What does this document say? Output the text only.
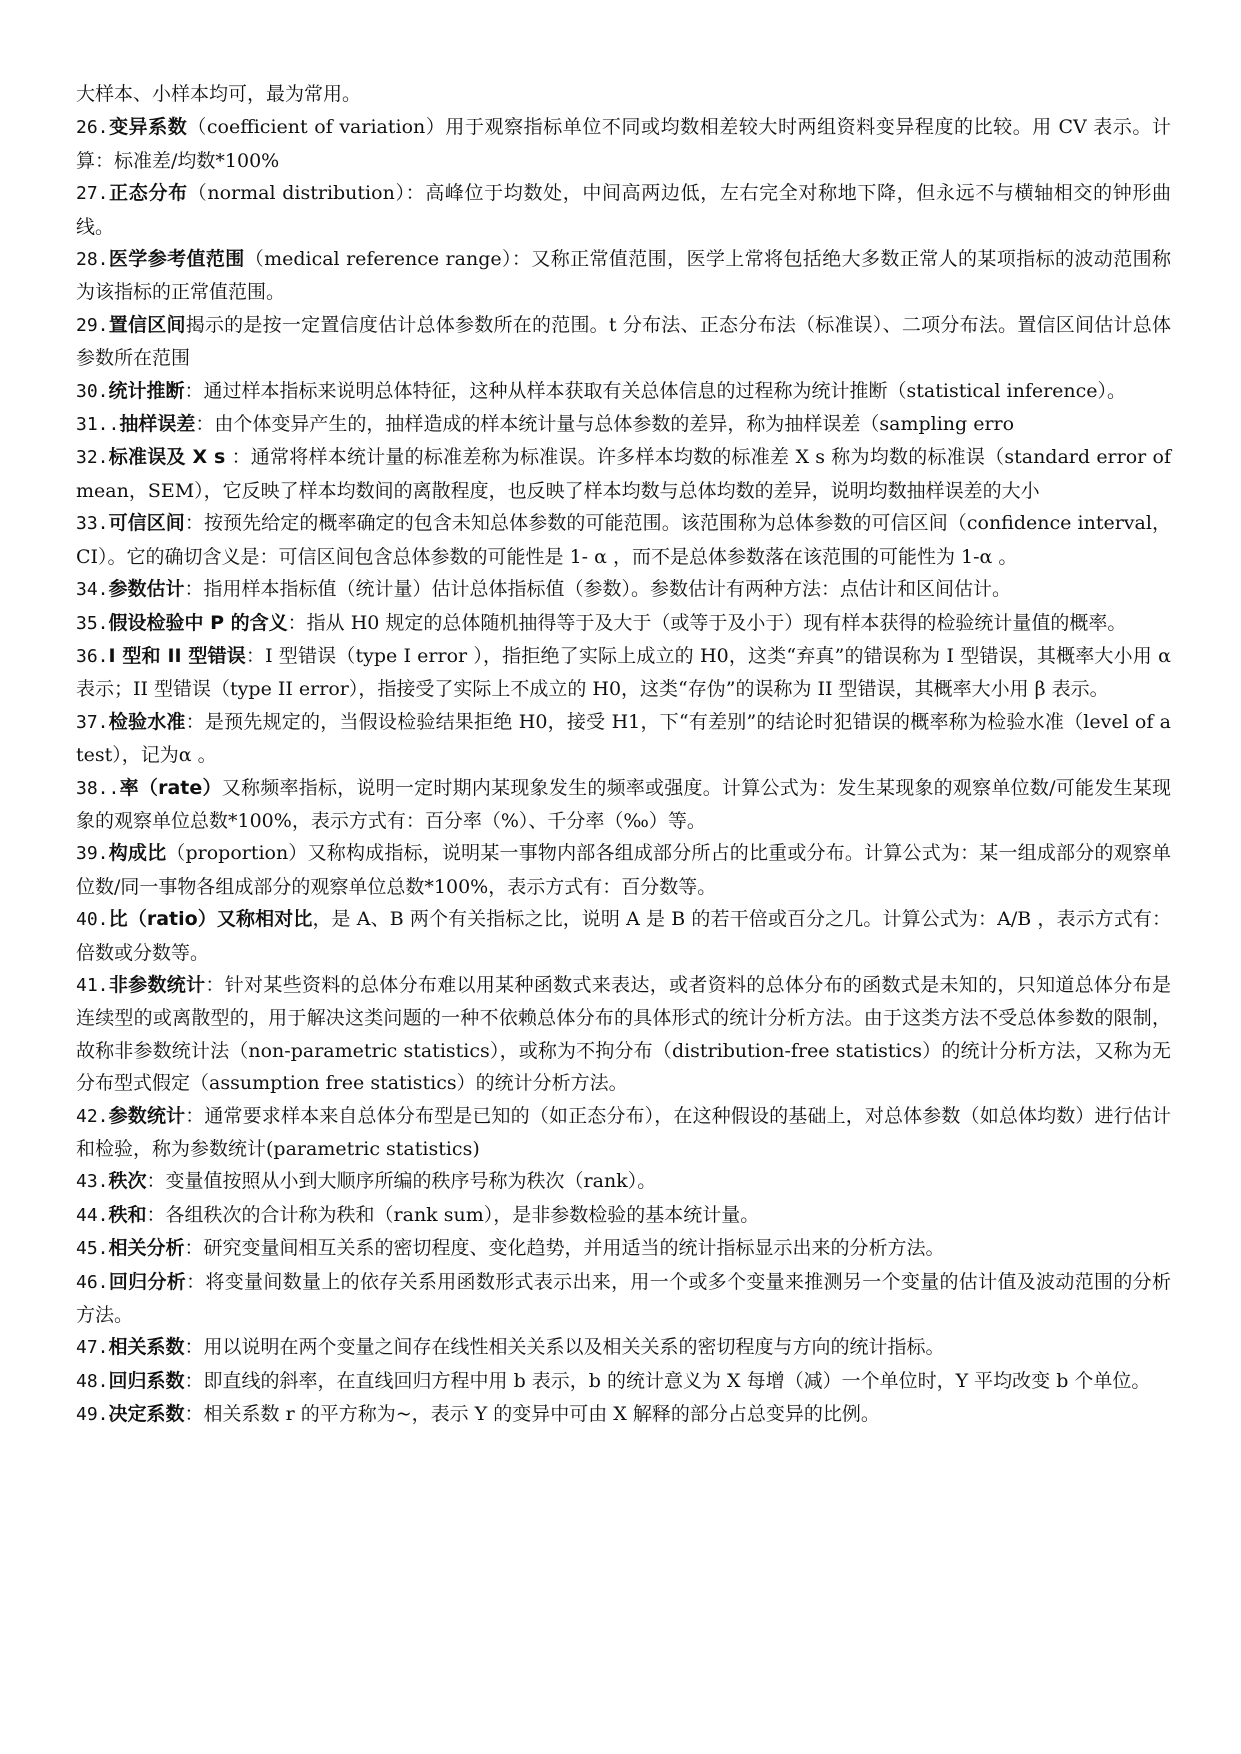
大样本、小样本均可，最为常用。

26.变异系数（coefficient of variation）用于观察指标单位不同或均数相差较大时两组资料变异程度的比较。用 CV 表示。计算：标准差/均数*100%

27.正态分布（normal distribution）：高峰位于均数处，中间高两边低，左右完全对称地下降，但永远不与横轴相交的钟形曲线。

28.医学参考值范围（medical reference range）：又称正常值范围，医学上常将包括绝大多数正常人的某项指标的波动范围称为该指标的正常值范围。

29.置信区间揭示的是按一定置信度估计总体参数所在的范围。t 分布法、正态分布法（标准误）、二项分布法。置信区间估计总体参数所在范围

30.统计推断：通过样本指标来说明总体特征，这种从样本获取有关总体信息的过程称为统计推断（statistical inference）。

31..抽样误差：由个体变异产生的，抽样造成的样本统计量与总体参数的差异，称为抽样误差（sampling erro

32.标准误及 X s ：通常将样本统计量的标准差称为标准误。许多样本均数的标准差 X s 称为均数的标准误（standard error of mean，SEM），它反映了样本均数间的离散程度，也反映了样本均数与总体均数的差异，说明均数抽样误差的大小

33.可信区间：按预先给定的概率确定的包含未知总体参数的可能范围。该范围称为总体参数的可信区间（confidence interval，CI）。它的确切含义是：可信区间包含总体参数的可能性是 1- α ，而不是总体参数落在该范围的可能性为 1-α 。

34.参数估计：指用样本指标值（统计量）估计总体指标值（参数）。参数估计有两种方法：点估计和区间估计。

35.假设检验中 P 的含义：指从 H0 规定的总体随机抽得等于及大于（或等于及小于）现有样本获得的检验统计量值的概率。

36.I 型和 II 型错误：I 型错误（type I error ），指拒绝了实际上成立的 H0，这类“弃真”的错误称为 I 型错误，其概率大小用 α 表示；II 型错误（type II error），指接受了实际上不成立的 H0，这类“存伪”的误称为 II 型错误，其概率大小用 β 表示。

37.检验水准：是预先规定的，当假设检验结果拒绝 H0，接受 H1，下“有差别”的结论时犯错误的概率称为检验水准（level of a test），记为α 。

38..率（rate）又称频率指标，说明一定时期内某现象发生的频率或强度。计算公式为：发生某现象的观察单位数/可能发生某现象的观察单位总数*100%，表示方式有：百分率（%）、千分率（‰）等。

39.构成比（proportion）又称构成指标，说明某一事物内部各组成部分所占的比重或分布。计算公式为：某一组成部分的观察单位数/同一事物各组成部分的观察单位总数*100%，表示方式有：百分数等。

40.比（ratio）又称相对比，是 A、B 两个有关指标之比，说明 A 是 B 的若干倍或百分之几。计算公式为：A/B ，表示方式有：倍数或分数等。

41.非参数统计：针对某些资料的总体分布难以用某种函数式来表达，或者资料的总体分布的函数式是未知的，只知道总体分布是连续型的或离散型的，用于解决这类问题的一种不依赖总体分布的具体形式的统计分析方法。由于这类方法不受总体参数的限制，故称非参数统计法（non-parametric statistics），或称为不拘分布（distribution-free statistics）的统计分析方法，又称为无分布型式假定（assumption free statistics）的统计分析方法。

42.参数统计：通常要求样本来自总体分布型是已知的（如正态分布），在这种假设的基础上，对总体参数（如总体均数）进行估计和检验，称为参数统计(parametric statistics)

43.秩次：变量值按照从小到大顺序所编的秩序号称为秩次（rank）。

44.秩和：各组秩次的合计称为秩和（rank sum），是非参数检验的基本统计量。

45.相关分析：研究变量间相互关系的密切程度、变化趋势，并用适当的统计指标显示出来的分析方法。

46.回归分析：将变量间数量上的依存关系用函数形式表示出来，用一个或多个变量来推测另一个变量的估计值及波动范围的分析方法。

47.相关系数：用以说明在两个变量之间存在线性相关关系以及相关关系的密切程度与方向的统计指标。

48.回归系数：即直线的斜率，在直线回归方程中用 b 表示，b 的统计意义为 X 每增（减）一个单位时，Y 平均改变 b 个单位。

49.决定系数：相关系数 r 的平方称为~，表示 Y 的变异中可由 X 解释的部分占总变异的比例。
